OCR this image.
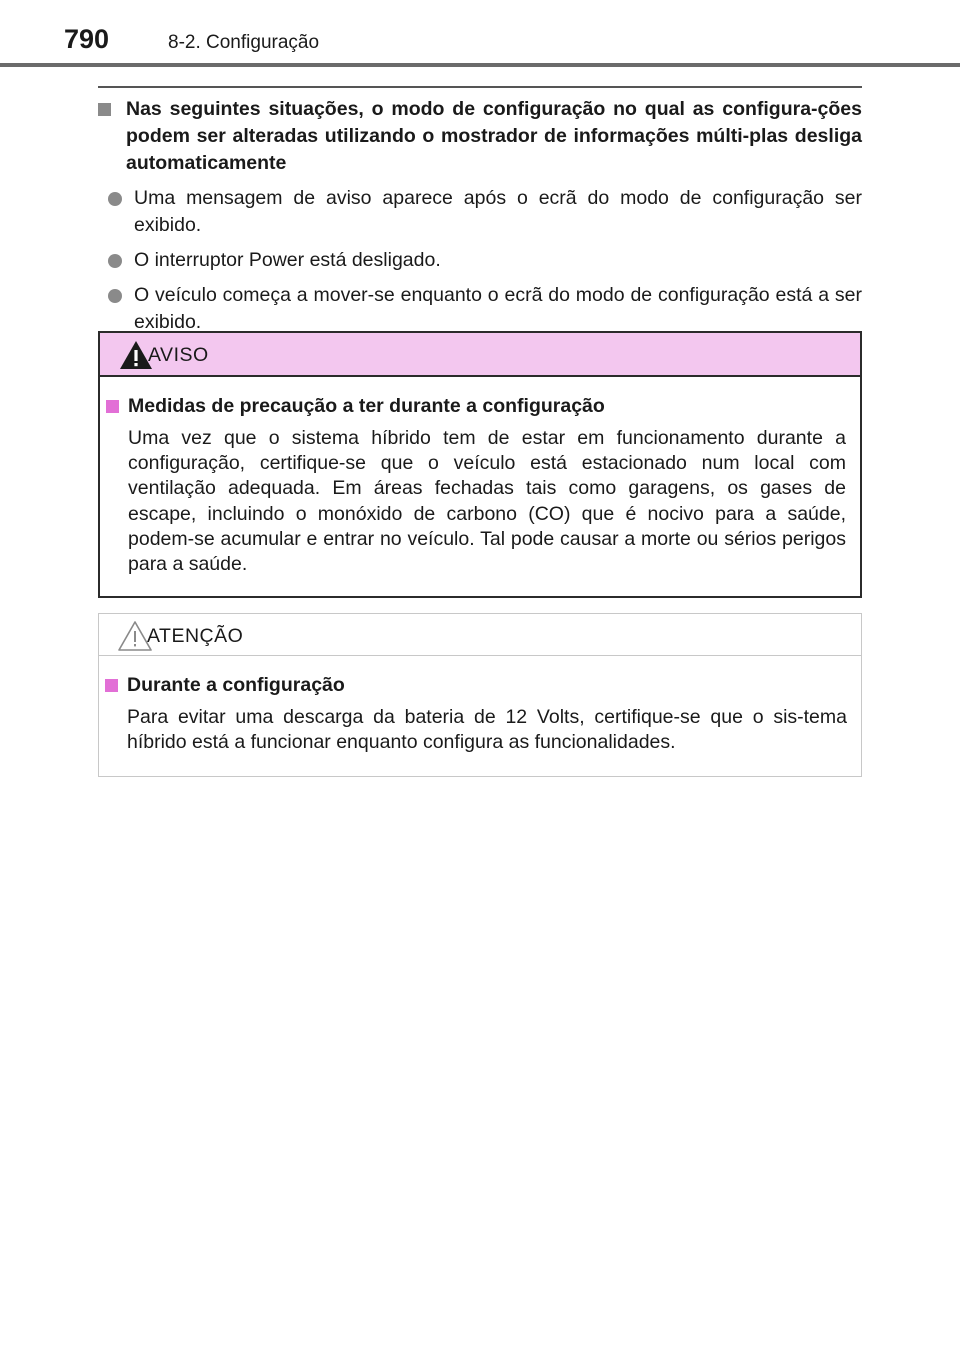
790	8-2. Configuração
Nas seguintes situações, o modo de configuração no qual as configura-ções podem ser alteradas utilizando o mostrador de informações múlti-plas desliga automaticamente
Uma mensagem de aviso aparece após o ecrã do modo de configuração ser exibido.
O interruptor Power está desligado.
O veículo começa a mover-se enquanto o ecrã do modo de configuração está a ser exibido.
AVISO
Medidas de precaução a ter durante a configuração
Uma vez que o sistema híbrido tem de estar em funcionamento durante a configuração, certifique-se que o veículo está estacionado num local com ventilação adequada. Em áreas fechadas tais como garagens, os gases de escape, incluindo o monóxido de carbono (CO) que é nocivo para a saúde, podem-se acumular e entrar no veículo. Tal pode causar a morte ou sérios perigos para a saúde.
ATENÇÃO
Durante a configuração
Para evitar uma descarga da bateria de 12 Volts, certifique-se que o sis-tema híbrido está a funcionar enquanto configura as funcionalidades.
